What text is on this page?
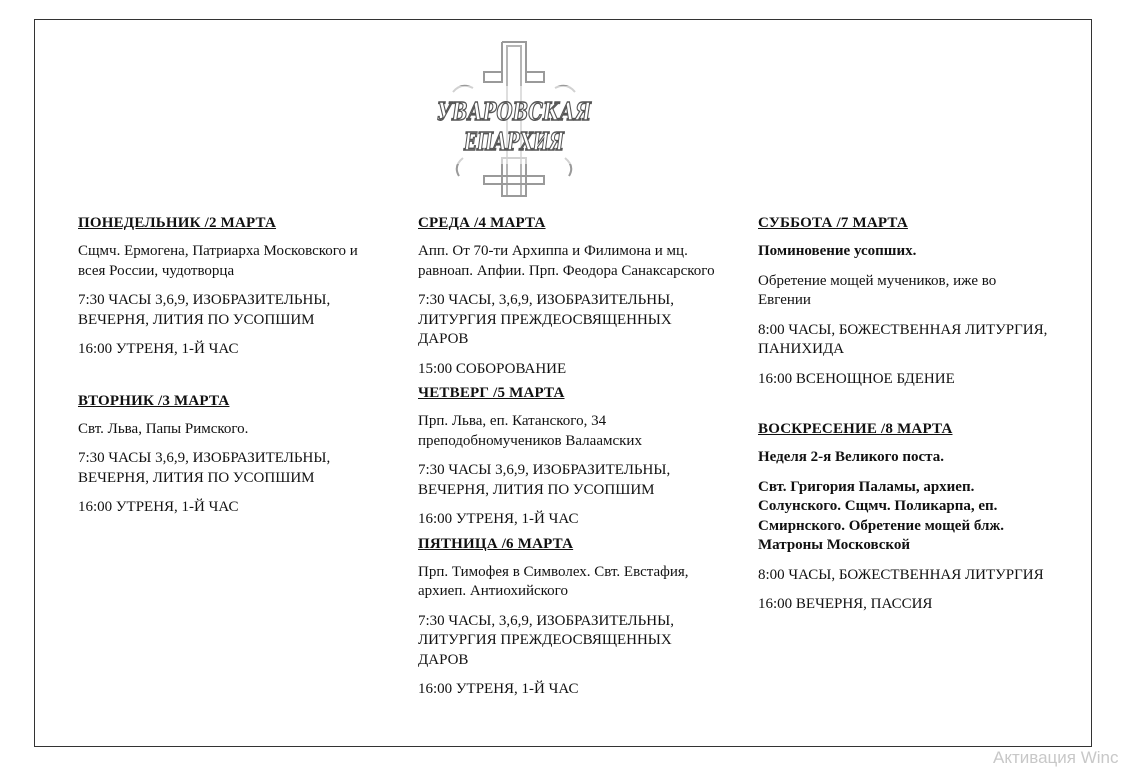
УВАРОВСКАЯ
ЕПАРХИЯ
ПОНЕДЕЛЬНИК /2 МАРТА
Сщмч. Ермогена, Патриарха Московского и всея России, чудотворца
7:30 ЧАСЫ 3,6,9, ИЗОБРАЗИТЕЛЬНЫ, ВЕЧЕРНЯ, ЛИТИЯ ПО УСОПШИМ
16:00 УТРЕНЯ, 1-Й ЧАС
ВТОРНИК /3 МАРТА
Свт. Льва, Папы Римского.
7:30 ЧАСЫ 3,6,9, ИЗОБРАЗИТЕЛЬНЫ, ВЕЧЕРНЯ, ЛИТИЯ ПО УСОПШИМ
16:00 УТРЕНЯ, 1-Й ЧАС
СРЕДА /4 МАРТА
Апп. От 70-ти Архиппа и Филимона и мц. равноап. Апфии. Прп. Феодора Санаксарского
7:30 ЧАСЫ, 3,6,9, ИЗОБРАЗИТЕЛЬНЫ, ЛИТУРГИЯ ПРЕЖДЕОСВЯЩЕННЫХ ДАРОВ
15:00 СОБОРОВАНИЕ
ЧЕТВЕРГ /5 МАРТА
Прп. Льва, еп. Катанского, 34 преподобномучеников Валаамских
7:30 ЧАСЫ 3,6,9, ИЗОБРАЗИТЕЛЬНЫ, ВЕЧЕРНЯ, ЛИТИЯ ПО УСОПШИМ
16:00 УТРЕНЯ, 1-Й ЧАС
ПЯТНИЦА /6 МАРТА
Прп. Тимофея в Символех. Свт. Евстафия, архиеп. Антиохийского
7:30 ЧАСЫ, 3,6,9, ИЗОБРАЗИТЕЛЬНЫ, ЛИТУРГИЯ ПРЕЖДЕОСВЯЩЕННЫХ ДАРОВ
16:00 УТРЕНЯ, 1-Й ЧАС
СУББОТА /7 МАРТА
Поминовение усопших.
Обретение мощей мучеников, иже во Евгении
8:00 ЧАСЫ, БОЖЕСТВЕННАЯ ЛИТУРГИЯ, ПАНИХИДА
16:00 ВСЕНОЩНОЕ БДЕНИЕ
ВОСКРЕСЕНИЕ /8 МАРТА
Неделя 2-я Великого поста.
Свт. Григория Паламы, архиеп. Солунского. Сщмч. Поликарпа, еп. Смирнского. Обретение мощей блж. Матроны Московской
8:00 ЧАСЫ, БОЖЕСТВЕННАЯ ЛИТУРГИЯ
16:00 ВЕЧЕРНЯ, ПАССИЯ
Активация Winc
